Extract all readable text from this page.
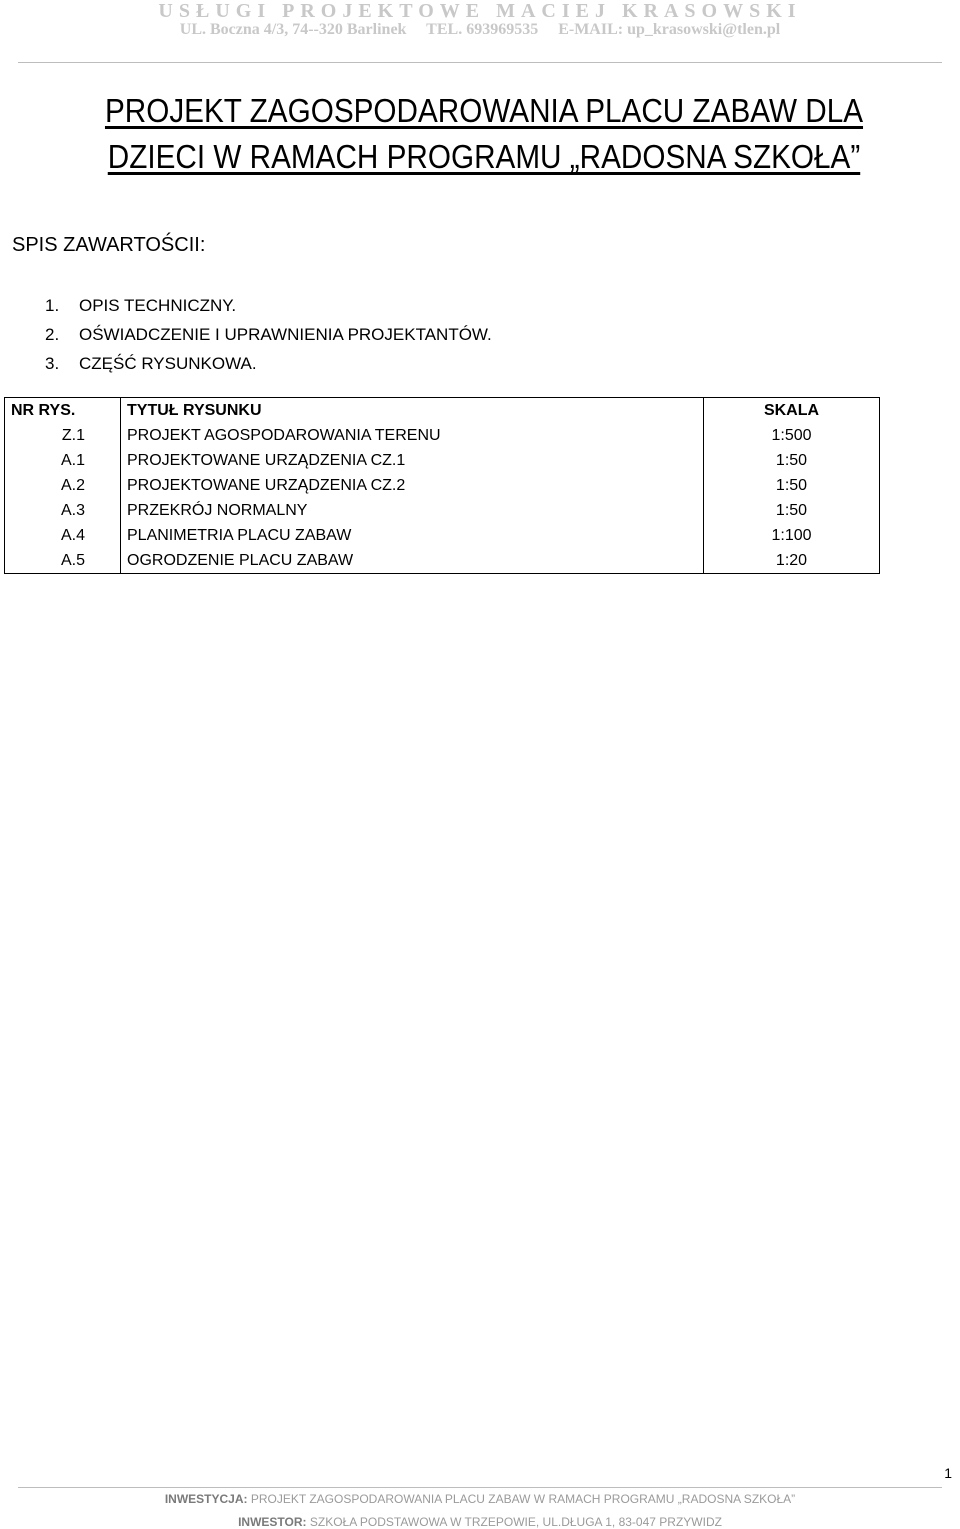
USŁUGI PROJEKTOWE MACIEJ KRASOWSKI
UL. Boczna 4/3, 74--320 Barlinek TEL. 693969535 E-MAIL: up_krasowski@tlen.pl
PROJEKT ZAGOSPODAROWANIA PLACU ZABAW DLA
DZIECI W RAMACH PROGRAMU „RADOSNA SZKOŁA”
SPIS ZAWARTOŚCII:
1.	OPIS TECHNICZNY.
2.	OŚWIADCZENIE I UPRAWNIENIA PROJEKTANTÓW.
3.	CZĘŚĆ RYSUNKOWA.
NR RYS.	TYTUŁ RYSUNKU	SKALA
Z.1	PROJEKT AGOSPODAROWANIA TERENU	1:500
A.1	PROJEKTOWANE URZĄDZENIA CZ.1	1:50
A.2	PROJEKTOWANE URZĄDZENIA CZ.2	1:50
A.3	PRZEKRÓJ NORMALNY	1:50
A.4	PLANIMETRIA PLACU ZABAW	1:100
A.5	OGRODZENIE PLACU ZABAW	1:20
1
INWESTYCJA: PROJEKT ZAGOSPODAROWANIA PLACU ZABAW W RAMACH PROGRAMU „RADOSNA SZKOŁA”
INWESTOR: SZKOŁA PODSTAWOWA W TRZEPOWIE, UL.DŁUGA 1, 83-047 PRZYWIDZ
